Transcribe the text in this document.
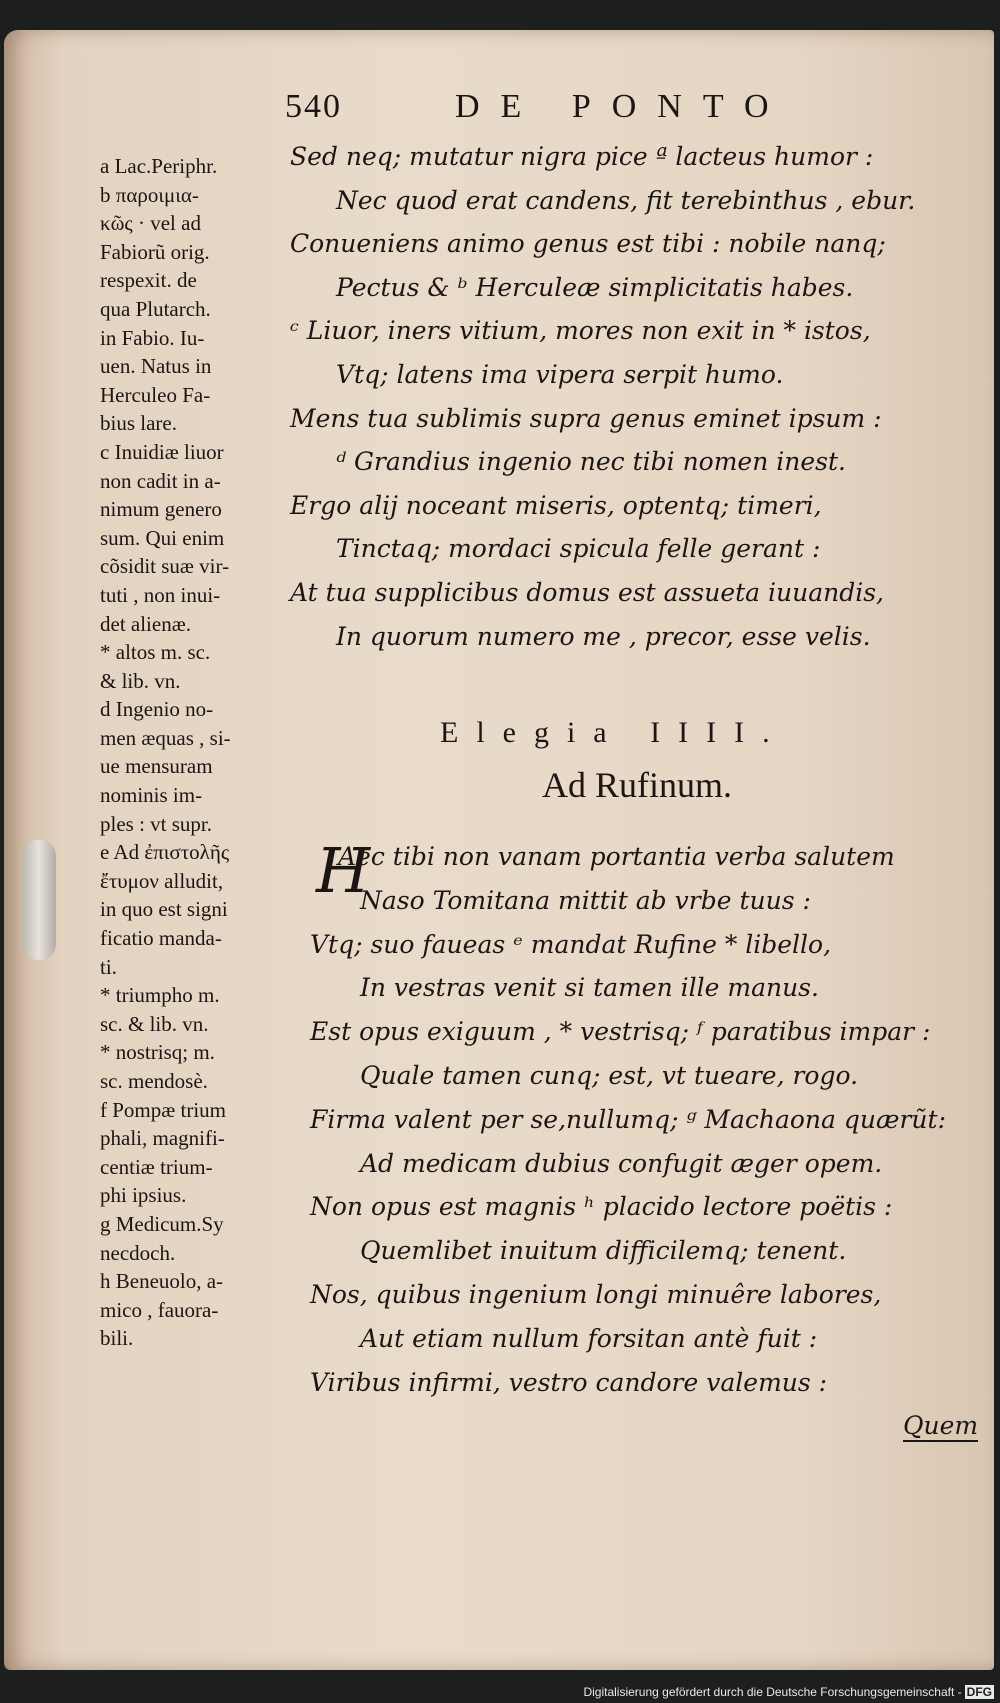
540	DE PONTO
a Lac.Periphr.
b παροιμια-
κῶς · vel ad
Fabiorũ orig.
respexit. de
qua Plutarch.
in Fabio. Iu-
uen. Natus in
Herculeo Fa-
bius lare.
c Inuidiæ liuor
non cadit in a-
nimum genero
sum. Qui enim
cõsidit suæ vir-
tuti , non inui-
det alienæ.
* altos m. sc.
& lib. vn.
d Ingenio no-
men æquas , si-
ue mensuram
nominis im-
ples : vt supr.
e Ad ἐπιστολῆς
ἔτυμον alludit,
in quo est signi
ficatio manda-
ti.
* triumpho m.
sc. & lib. vn.
* nostrisq; m.
sc. mendosè.
f Pompæ trium
phali, magnifi-
centiæ trium-
phi ipsius.
g Medicum.Sy
necdoch.
h Beneuolo, a-
mico , fauora-
bili.
Sed neq; mutatur nigra pice ª lacteus humor :
Nec quod erat candens, fit terebinthus , ebur.
Conueniens animo genus est tibi : nobile nanq;
Pectus & ᵇ Herculeæ simplicitatis habes.
ᶜ Liuor, iners vitium, mores non exit in * istos,
Vtq; latens ima vipera serpit humo.
Mens tua sublimis supra genus eminet ipsum :
ᵈ Grandius ingenio nec tibi nomen inest.
Ergo alij noceant miseris, optentq; timeri,
Tinctaq; mordaci spicula felle gerant :
At tua supplicibus domus est assueta iuuandis,
In quorum numero me , precor, esse velis.
Aec tibi non vanam portantia verba salutem
Naso Tomitana mittit ab vrbe tuus :
Vtq; suo faueas ᵉ mandat Rufine * libello,
In vestras venit si tamen ille manus.
Est opus exiguum , * vestrisq; ᶠ paratibus impar :
Quale tamen cunq; est, vt tueare, rogo.
Firma valent per se,nullumq; ᵍ Machaona quærũt:
Ad medicam dubius confugit æger opem.
Non opus est magnis ʰ placido lectore poëtis :
Quemlibet inuitum difficilemq; tenent.
Nos, quibus ingenium longi minuêre labores,
Aut etiam nullum forsitan antè fuit :
Viribus infirmi, vestro candore valemus :
Elegia IIII.
Ad Rufinum.
H
Quem
Digitalisierung gefördert durch die Deutsche Forschungsgemeinschaft - DFG
